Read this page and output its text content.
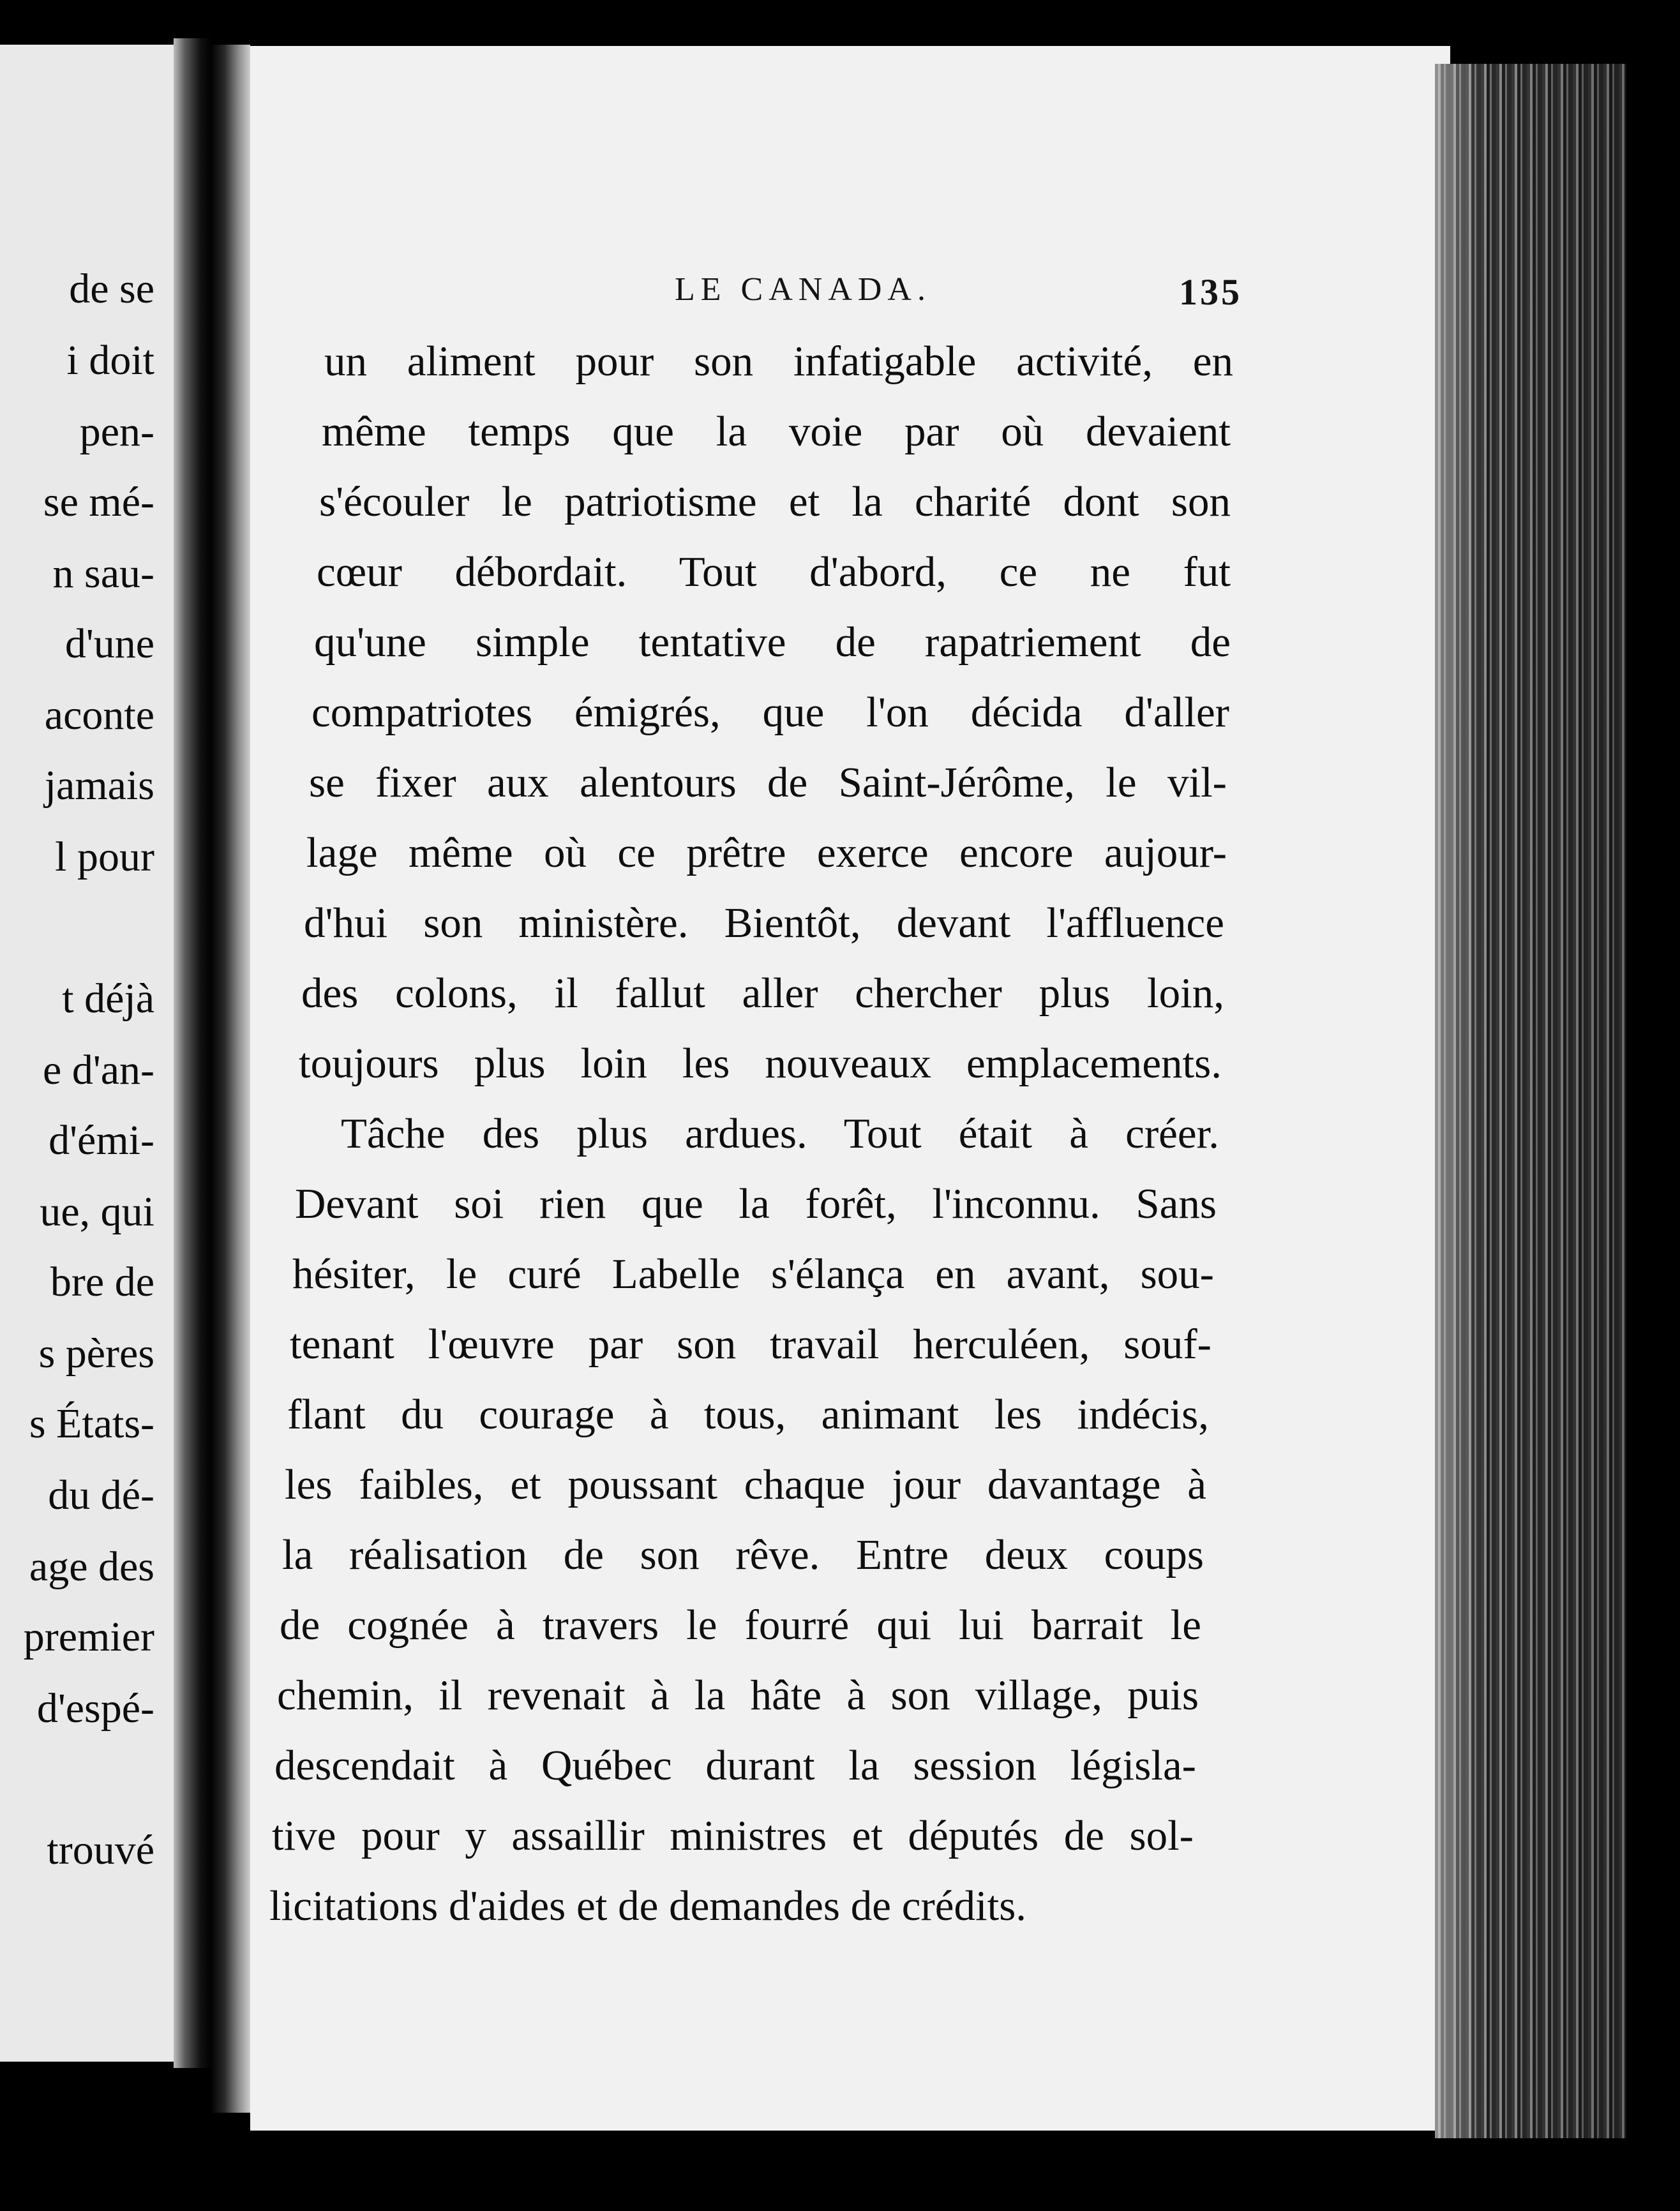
de se
i doit
pen-
se mé-
n sau-
d'une
aconte
jamais
l pour
t déjà
e d'an-
d'émi-
ue, qui
bre de
s pères
s États-
du dé-
age des
premier
d'espé-
trouvé
LE CANADA.	135
un aliment pour son infatigable activité, en
même temps que la voie par où devaient
s'écouler le patriotisme et la charité dont son
cœur débordait. Tout d'abord, ce ne fut
qu'une simple tentative de rapatriement de
compatriotes émigrés, que l'on décida d'aller
se fixer aux alentours de Saint-Jérôme, le vil-
lage même où ce prêtre exerce encore aujour-
d'hui son ministère. Bientôt, devant l'affluence
des colons, il fallut aller chercher plus loin,
toujours plus loin les nouveaux emplacements.
Tâche des plus ardues. Tout était à créer.
Devant soi rien que la forêt, l'inconnu. Sans
hésiter, le curé Labelle s'élança en avant, sou-
tenant l'œuvre par son travail herculéen, souf-
flant du courage à tous, animant les indécis,
les faibles, et poussant chaque jour davantage à
la réalisation de son rêve. Entre deux coups
de cognée à travers le fourré qui lui barrait le
chemin, il revenait à la hâte à son village, puis
descendait à Québec durant la session législa-
tive pour y assaillir ministres et députés de sol-
licitations d'aides et de demandes de crédits.
